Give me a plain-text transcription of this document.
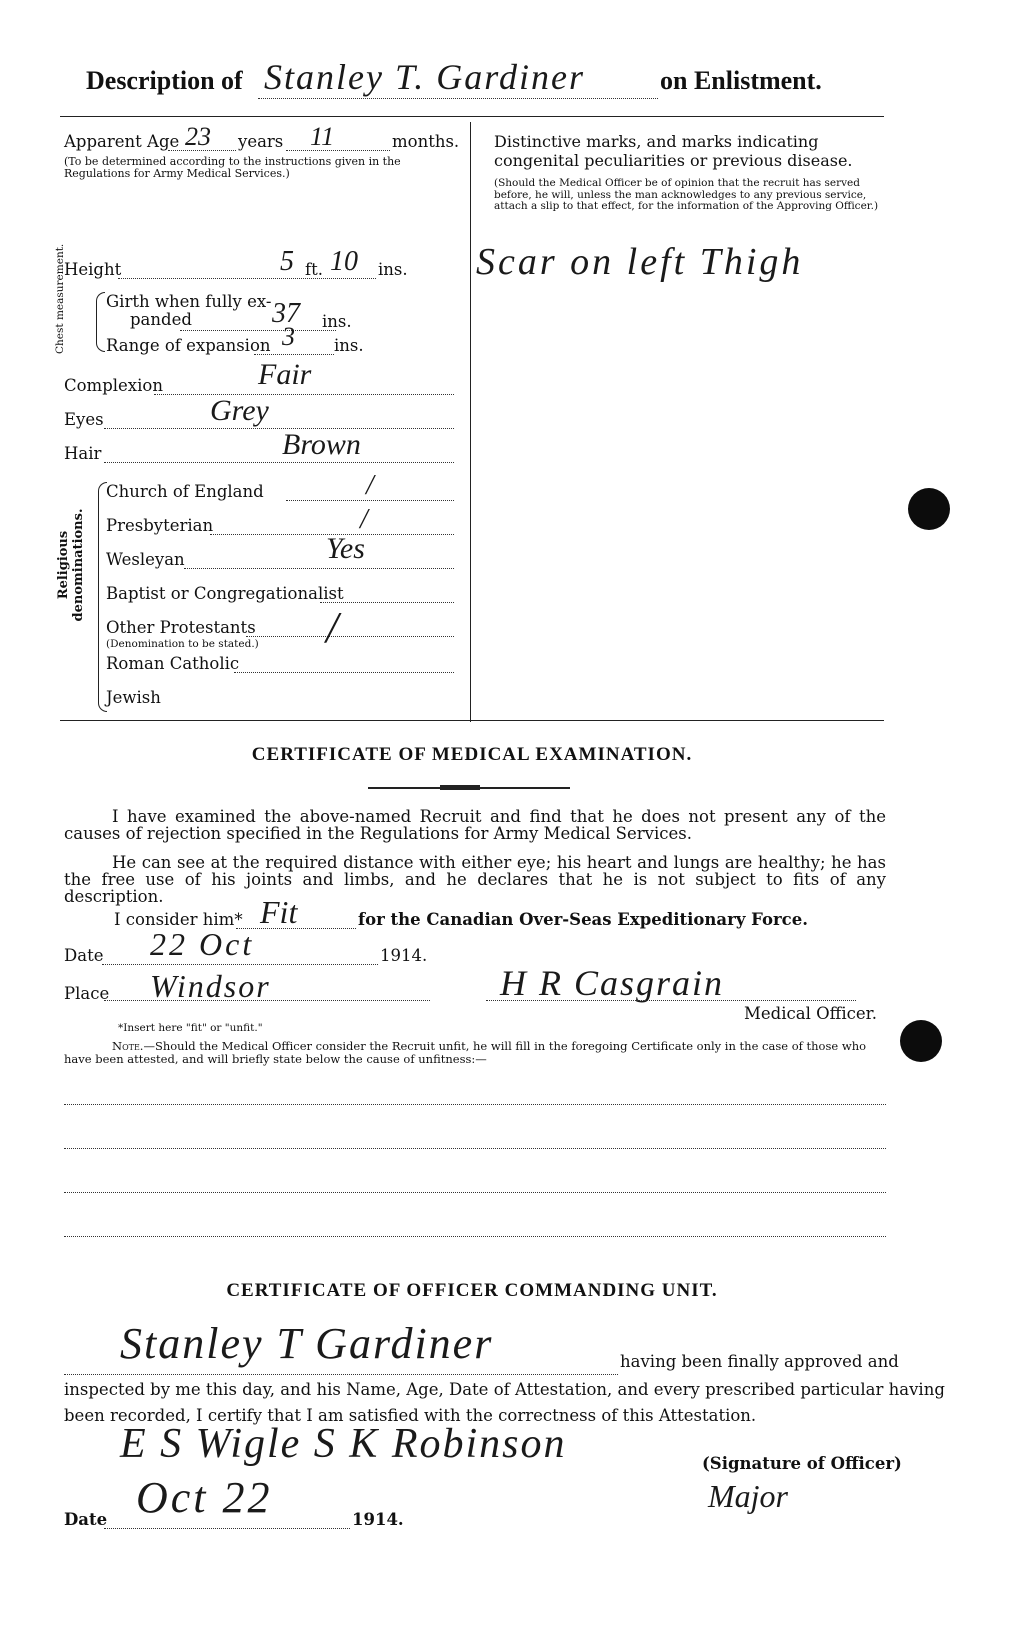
Description of Stanley T. Gardiner	on Enlistment.
Apparent Age 23 years 11	months.
(To be determined according to the instructions given in the Regulations for Army Medical Services.)
Height	5 ft. 10 ins.
Chest measurement. Girth when fully ex-
panded	37 ins.
Range of expansion 3 ins.
Complexion	Fair
Eyes	Grey
Hair	Brown
Religious denominations.
Church of England	/
Presbyterian	/
Wesleyan	Yes
Baptist or Congregationalist
Other Protestants /
(Denomination to be stated.)
Roman Catholic
Jewish
Distinctive marks, and marks indicating congenital peculiarities or previous disease.
(Should the Medical Officer be of opinion that the recruit has served before, he will, unless the man acknowledges to any previous service, attach a slip to that effect, for the information of the Approving Officer.)
Scar on left Thigh
CERTIFICATE OF MEDICAL EXAMINATION.
I have examined the above-named Recruit and find that he does not present any of the causes of rejection specified in the Regulations for Army Medical Services.
He can see at the required distance with either eye; his heart and lungs are healthy; he has the free use of his joints and limbs, and he declares that he is not subject to fits of any description.
I consider him* Fit	for the Canadian Over-Seas Expeditionary Force.
Date 22 Oct	1914.
Place Windsor	H R Casgrain
Medical Officer.
*Insert here "fit" or "unfit."
Note.—Should the Medical Officer consider the Recruit unfit, he will fill in the foregoing Certificate only in the case of those who have been attested, and will briefly state below the cause of unfitness:—
CERTIFICATE OF OFFICER COMMANDING UNIT.
Stanley T Gardiner	having been finally approved and
inspected by me this day, and his Name, Age, Date of Attestation, and every prescribed particular having
been recorded, I certify that I am satisfied with the correctness of this Attestation.
E S Wigle S K Robinson	(Signature of Officer)
Major
Date Oct 22	1914.
